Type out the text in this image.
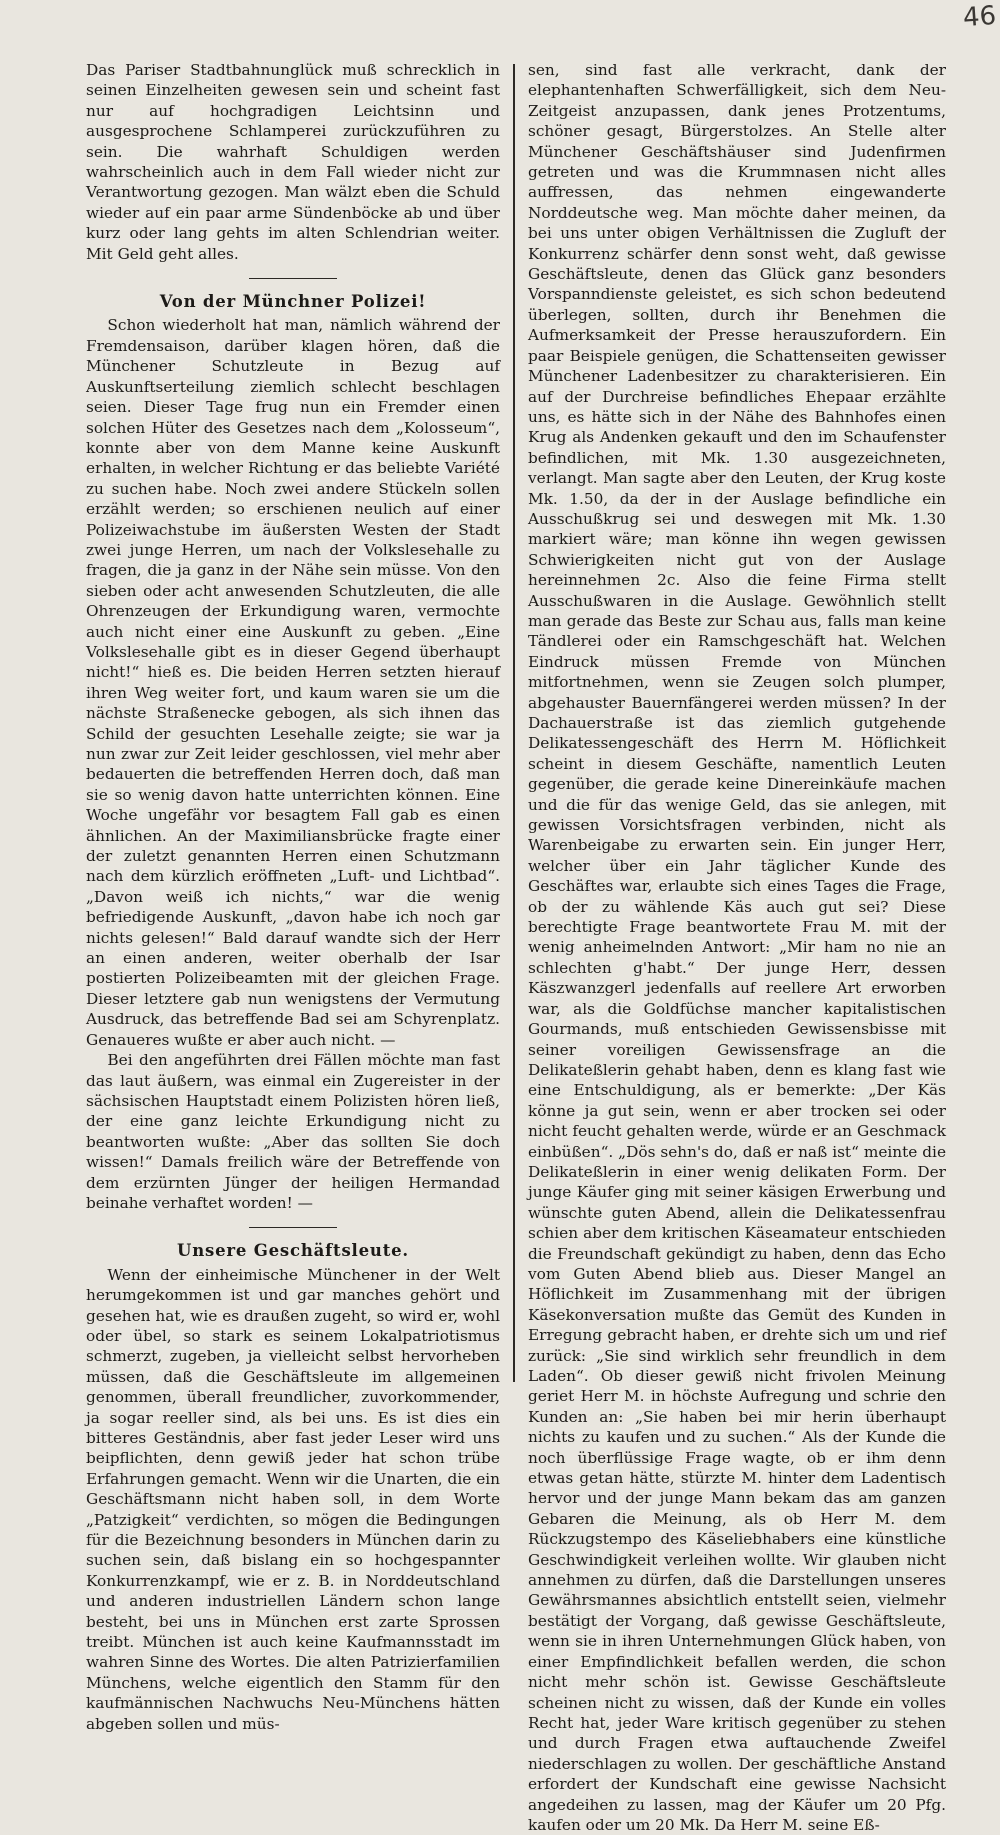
46

Das Pariser Stadtbahnunglück muß schrecklich in seinen Einzelheiten gewesen sein und scheint fast nur auf hochgradigen Leichtsinn und ausgesprochene Schlamperei zurückzuführen zu sein. Die wahrhaft Schuldigen werden wahrscheinlich auch in dem Fall wieder nicht zur Verantwortung gezogen. Man wälzt eben die Schuld wieder auf ein paar arme Sündenböcke ab und über kurz oder lang gehts im alten Schlendrian weiter. Mit Geld geht alles.

Von der Münchner Polizei!

Schon wiederholt hat man, nämlich während der Fremdensaison, darüber klagen hören, daß die Münchener Schutzleute in Bezug auf Auskunftserteilung ziemlich schlecht beschlagen seien. Dieser Tage frug nun ein Fremder einen solchen Hüter des Gesetzes nach dem „Kolosseum“, konnte aber von dem Manne keine Auskunft erhalten, in welcher Richtung er das beliebte Variété zu suchen habe. Noch zwei andere Stückeln sollen erzählt werden; so erschienen neulich auf einer Polizeiwachstube im äußersten Westen der Stadt zwei junge Herren, um nach der Volkslesehalle zu fragen, die ja ganz in der Nähe sein müsse. Von den sieben oder acht anwesenden Schutzleuten, die alle Ohrenzeugen der Erkundigung waren, vermochte auch nicht einer eine Auskunft zu geben. „Eine Volkslesehalle gibt es in dieser Gegend überhaupt nicht!“ hieß es. Die beiden Herren setzten hierauf ihren Weg weiter fort, und kaum waren sie um die nächste Straßenecke gebogen, als sich ihnen das Schild der gesuchten Lesehalle zeigte; sie war ja nun zwar zur Zeit leider geschlossen, viel mehr aber bedauerten die betreffenden Herren doch, daß man sie so wenig davon hatte unterrichten können. Eine Woche ungefähr vor besagtem Fall gab es einen ähnlichen. An der Maximiliansbrücke fragte einer der zuletzt genannten Herren einen Schutzmann nach dem kürzlich eröffneten „Luft- und Lichtbad“. „Davon weiß ich nichts,“ war die wenig befriedigende Auskunft, „davon habe ich noch gar nichts gelesen!“ Bald darauf wandte sich der Herr an einen anderen, weiter oberhalb der Isar postierten Polizeibeamten mit der gleichen Frage. Dieser letztere gab nun wenigstens der Vermutung Ausdruck, das betreffende Bad sei am Schyrenplatz. Genaueres wußte er aber auch nicht. —

Bei den angeführten drei Fällen möchte man fast das laut äußern, was einmal ein Zugereister in der sächsischen Hauptstadt einem Polizisten hören ließ, der eine ganz leichte Erkundigung nicht zu beantworten wußte: „Aber das sollten Sie doch wissen!“ Damals freilich wäre der Betreffende von dem erzürnten Jünger der heiligen Hermandad beinahe verhaftet worden! —

Unsere Geschäftsleute.

Wenn der einheimische Münchener in der Welt herumgekommen ist und gar manches gehört und gesehen hat, wie es draußen zugeht, so wird er, wohl oder übel, so stark es seinem Lokalpatriotismus schmerzt, zugeben, ja vielleicht selbst hervorheben müssen, daß die Geschäftsleute im allgemeinen genommen, überall freundlicher, zuvorkommender, ja sogar reeller sind, als bei uns. Es ist dies ein bitteres Geständnis, aber fast jeder Leser wird uns beipflichten, denn gewiß jeder hat schon trübe Erfahrungen gemacht. Wenn wir die Unarten, die ein Geschäftsmann nicht haben soll, in dem Worte „Patzigkeit“ verdichten, so mögen die Bedingungen für die Bezeichnung besonders in München darin zu suchen sein, daß bislang ein so hochgespannter Konkurrenzkampf, wie er z. B. in Norddeutschland und anderen industriellen Ländern schon lange besteht, bei uns in München erst zarte Sprossen treibt. München ist auch keine Kaufmannsstadt im wahren Sinne des Wortes. Die alten Patrizierfamilien Münchens, welche eigentlich den Stamm für den kaufmännischen Nachwuchs Neu-Münchens hätten abgeben sollen und müs-

sen, sind fast alle verkracht, dank der elephantenhaften Schwerfälligkeit, sich dem Neu-Zeitgeist anzupassen, dank jenes Protzentums, schöner gesagt, Bürgerstolzes. An Stelle alter Münchener Geschäftshäuser sind Judenfirmen getreten und was die Krummnasen nicht alles auffressen, das nehmen eingewanderte Norddeutsche weg. Man möchte daher meinen, da bei uns unter obigen Verhältnissen die Zugluft der Konkurrenz schärfer denn sonst weht, daß gewisse Geschäftsleute, denen das Glück ganz besonders Vorspanndienste geleistet, es sich schon bedeutend überlegen, sollten, durch ihr Benehmen die Aufmerksamkeit der Presse herauszufordern. Ein paar Beispiele genügen, die Schattenseiten gewisser Münchener Ladenbesitzer zu charakterisieren. Ein auf der Durchreise befindliches Ehepaar erzählte uns, es hätte sich in der Nähe des Bahnhofes einen Krug als Andenken gekauft und den im Schaufenster befindlichen, mit Mk. 1.30 ausgezeichneten, verlangt. Man sagte aber den Leuten, der Krug koste Mk. 1.50, da der in der Auslage befindliche ein Ausschußkrug sei und deswegen mit Mk. 1.30 markiert wäre; man könne ihn wegen gewissen Schwierigkeiten nicht gut von der Auslage hereinnehmen 2c. Also die feine Firma stellt Ausschußwaren in die Auslage. Gewöhnlich stellt man gerade das Beste zur Schau aus, falls man keine Tändlerei oder ein Ramschgeschäft hat. Welchen Eindruck müssen Fremde von München mitfortnehmen, wenn sie Zeugen solch plumper, abgehauster Bauernfängerei werden müssen? In der Dachauerstraße ist das ziemlich gutgehende Delikatessengeschäft des Herrn M. Höflichkeit scheint in diesem Geschäfte, namentlich Leuten gegenüber, die gerade keine Dinereinkäufe machen und die für das wenige Geld, das sie anlegen, mit gewissen Vorsichtsfragen verbinden, nicht als Warenbeigabe zu erwarten sein. Ein junger Herr, welcher über ein Jahr täglicher Kunde des Geschäftes war, erlaubte sich eines Tages die Frage, ob der zu wählende Käs auch gut sei? Diese berechtigte Frage beantwortete Frau M. mit der wenig anheimelnden Antwort: „Mir ham no nie an schlechten g'habt.“ Der junge Herr, dessen Käszwanzgerl jedenfalls auf reellere Art erworben war, als die Goldfüchse mancher kapitalistischen Gourmands, muß entschieden Gewissensbisse mit seiner voreiligen Gewissensfrage an die Delikateßlerin gehabt haben, denn es klang fast wie eine Entschuldigung, als er bemerkte: „Der Käs könne ja gut sein, wenn er aber trocken sei oder nicht feucht gehalten werde, würde er an Geschmack einbüßen“. „Dös sehn's do, daß er naß ist“ meinte die Delikateßlerin in einer wenig delikaten Form. Der junge Käufer ging mit seiner käsigen Erwerbung und wünschte guten Abend, allein die Delikatessenfrau schien aber dem kritischen Käseamateur entschieden die Freundschaft gekündigt zu haben, denn das Echo vom Guten Abend blieb aus. Dieser Mangel an Höflichkeit im Zusammenhang mit der übrigen Käsekonversation mußte das Gemüt des Kunden in Erregung gebracht haben, er drehte sich um und rief zurück: „Sie sind wirklich sehr freundlich in dem Laden“. Ob dieser gewiß nicht frivolen Meinung geriet Herr M. in höchste Aufregung und schrie den Kunden an: „Sie haben bei mir herin überhaupt nichts zu kaufen und zu suchen.“ Als der Kunde die noch überflüssige Frage wagte, ob er ihm denn etwas getan hätte, stürzte M. hinter dem Ladentisch hervor und der junge Mann bekam das am ganzen Gebaren die Meinung, als ob Herr M. dem Rückzugstempo des Käseliebhabers eine künstliche Geschwindigkeit verleihen wollte. Wir glauben nicht annehmen zu dürfen, daß die Darstellungen unseres Gewährsmannes absichtlich entstellt seien, vielmehr bestätigt der Vorgang, daß gewisse Geschäftsleute, wenn sie in ihren Unternehmungen Glück haben, von einer Empfindlichkeit befallen werden, die schon nicht mehr schön ist. Gewisse Geschäftsleute scheinen nicht zu wissen, daß der Kunde ein volles Recht hat, jeder Ware kritisch gegenüber zu stehen und durch Fragen etwa auftauchende Zweifel niederschlagen zu wollen. Der geschäftliche Anstand erfordert der Kundschaft eine gewisse Nachsicht angedeihen zu lassen, mag der Käufer um 20 Pfg. kaufen oder um 20 Mk. Da Herr M. seine Eß-
